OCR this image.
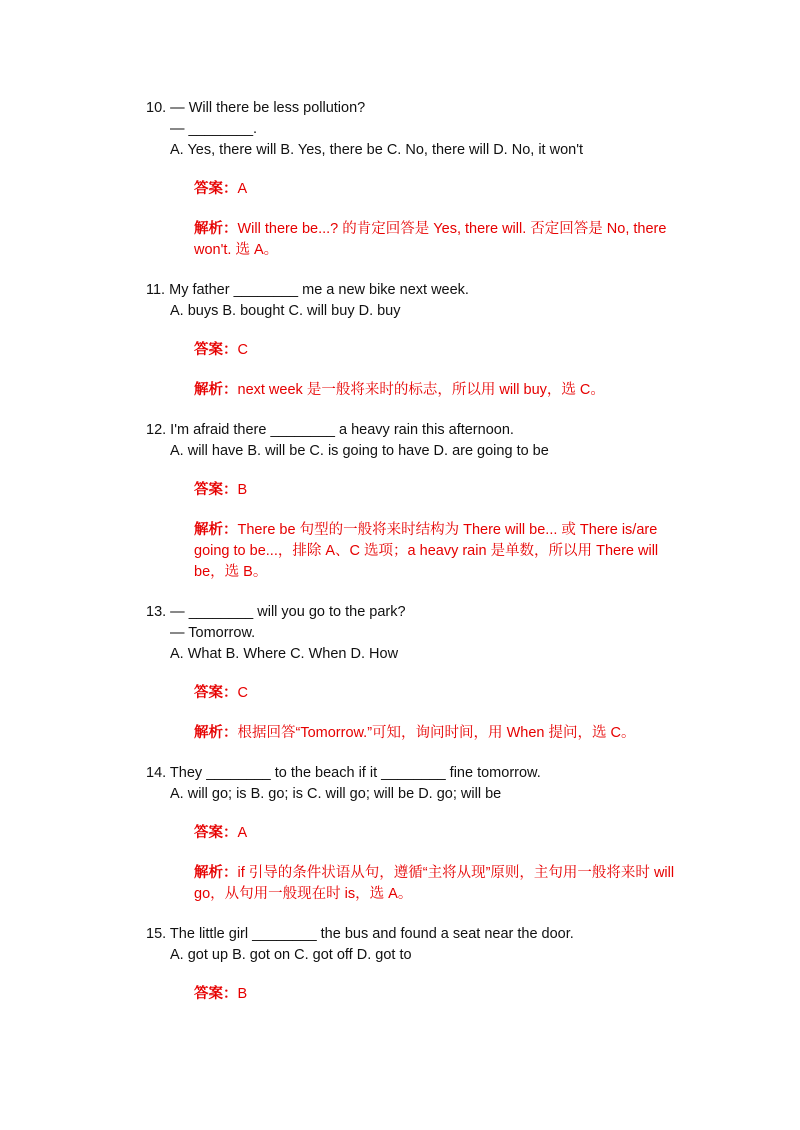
10. — Will there be less pollution?
— ________.
A. Yes, there will B. Yes, there be C. No, there will D. No, it won't
答案：A
解析：Will there be...? 的肯定回答是 Yes, there will. 否定回答是 No, there won't. 选 A。
11. My father ________ me a new bike next week.
A. buys B. bought C. will buy D. buy
答案：C
解析：next week 是一般将来时的标志，所以用 will buy，选 C。
12. I'm afraid there ________ a heavy rain this afternoon.
A. will have B. will be C. is going to have D. are going to be
答案：B
解析：There be 句型的一般将来时结构为 There will be... 或 There is/are going to be...，排除 A、C 选项；a heavy rain 是单数，所以用 There will be，选 B。
13. — ________ will you go to the park?
— Tomorrow.
A. What B. Where C. When D. How
答案：C
解析：根据回答“Tomorrow.”可知，询问时间，用 When 提问，选 C。
14. They ________ to the beach if it ________ fine tomorrow.
A. will go; is B. go; is C. will go; will be D. go; will be
答案：A
解析：if 引导的条件状语从句，遵循“主将从现”原则，主句用一般将来时 will go，从句用一般现在时 is，选 A。
15. The little girl ________ the bus and found a seat near the door.
A. got up B. got on C. got off D. got to
答案：B
